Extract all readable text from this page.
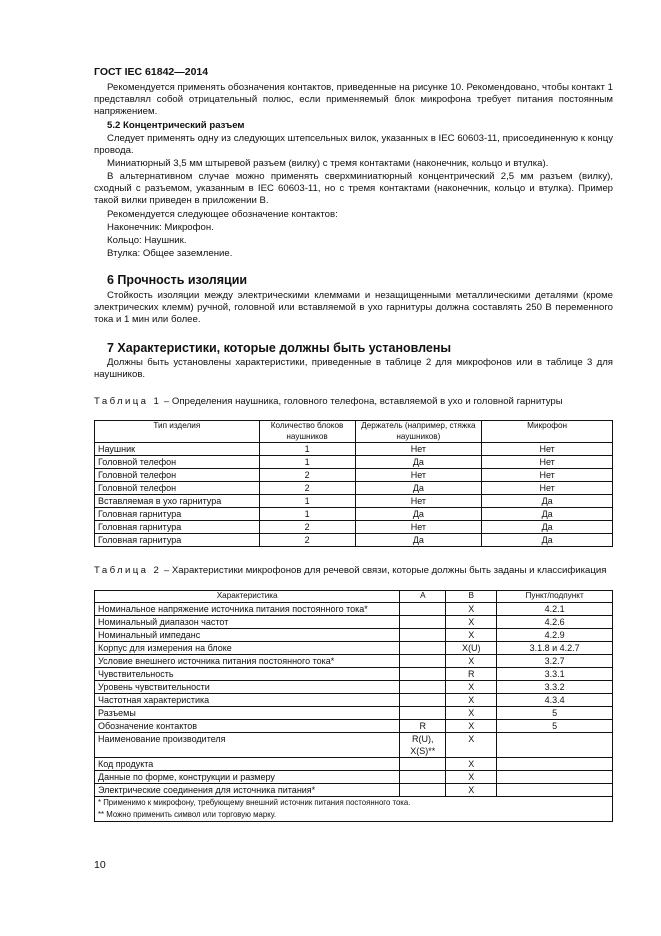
ГОСТ IEC 61842—2014
Рекомендуется применять обозначения контактов, приведенные на рисунке 10. Рекомендовано, чтобы контакт 1 представлял собой отрицательный полюс, если применяемый блок микрофона требует питания постоянным напряжением.
5.2 Концентрический разъем
Следует применять одну из следующих штепсельных вилок, указанных в IEC 60603-11, присоединенную к концу провода.
Миниатюрный 3,5 мм штыревой разъем (вилку) с тремя контактами (наконечник, кольцо и втулка).
В альтернативном случае можно применять сверхминиатюрный концентрический 2,5 мм разъем (вилку), сходный с разъемом, указанным в IEC 60603-11, но с тремя контактами (наконечник, кольцо и втулка). Пример такой вилки приведен в приложении В.
Рекомендуется следующее обозначение контактов:
Наконечник: Микрофон.
Кольцо: Наушник.
Втулка: Общее заземление.
6 Прочность изоляции
Стойкость изоляции между электрическими клеммами и незащищенными металлическими деталями (кроме электрических клемм) ручной, головной или вставляемой в ухо гарнитуры должна составлять 250 В переменного тока и 1 мин или более.
7 Характеристики, которые должны быть установлены
Должны быть установлены характеристики, приведенные в таблице 2 для микрофонов или в таблице 3 для наушников.
Таблица 1 – Определения наушника, головного телефона, вставляемой в ухо и головной гарнитуры
Тип изделия	Количество блоков наушников	Держатель (например, стяжка наушников)	Микрофон
Наушник	1	Нет	Нет
Головной телефон	1	Да	Нет
Головной телефон	2	Нет	Нет
Головной телефон	2	Да	Нет
Вставляемая в ухо гарнитура	1	Нет	Да
Головная гарнитура	1	Да	Да
Головная гарнитура	2	Нет	Да
Головная гарнитура	2	Да	Да
Таблица 2 – Характеристики микрофонов для речевой связи, которые должны быть заданы и классификация
Характеристика	A	B	Пункт/подпункт
Номинальное напряжение источника питания постоянного тока*		X	4.2.1
Номинальный диапазон частот		X	4.2.6
Номинальный импеданс		X	4.2.9
Корпус для измерения на блоке		X(U)	3.1.8 и 4.2.7
Условие внешнего источника питания постоянного тока*		X	3.2.7
Чувствительность		R	3.3.1
Уровень чувствительности		X	3.3.2
Частотная характеристика		X	4.3.4
Разъемы		X	5
Обозначение контактов	R	X	5
Наименование производителя	R(U), X(S)**	X	
Код продукта		X	
Данные по форме, конструкции и размеру		X	
Электрические соединения для источника питания*		X	

* Применимо к микрофону, требующему внешний источник питания постоянного тока.
** Можно применить символ или торговую марку.			
10
